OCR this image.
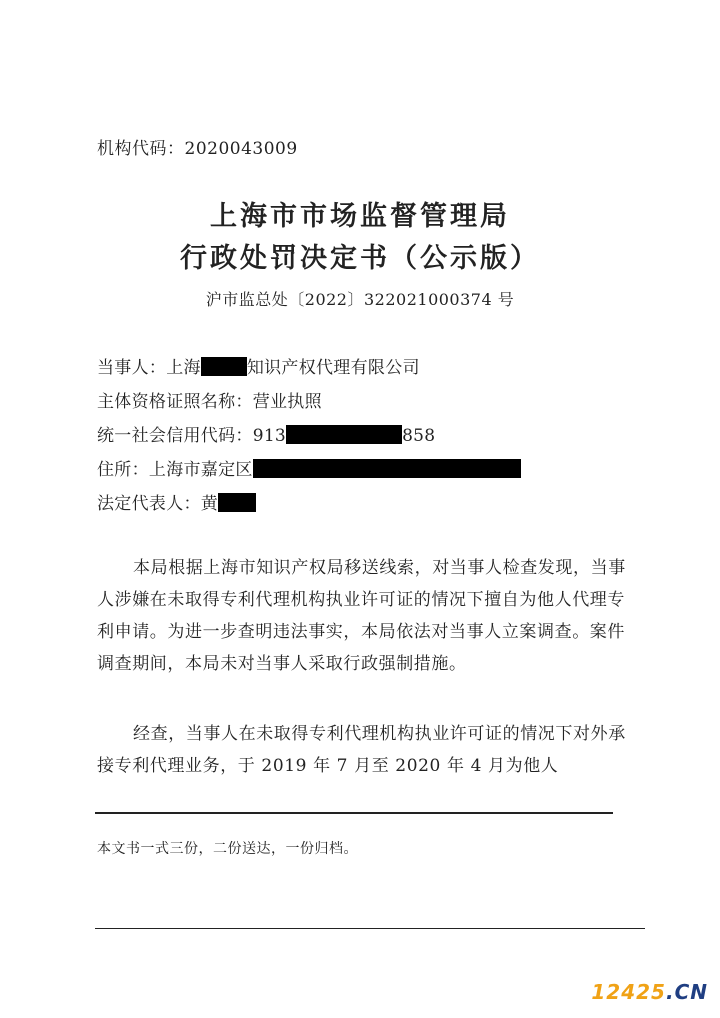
机构代码：2020043009
上海市市场监督管理局
行政处罚决定书（公示版）
沪市监总处〔2022〕322021000374 号
当事人：上海	知识产权代理有限公司
主体资格证照名称：营业执照
统一社会信用代码：913	858
住所：上海市嘉定区
法定代表人：黄
本局根据上海市知识产权局移送线索，对当事人检查发现，当事人涉嫌在未取得专利代理机构执业许可证的情况下擅自为他人代理专利申请。为进一步查明违法事实，本局依法对当事人立案调查。案件调查期间，本局未对当事人采取行政强制措施。
经查，当事人在未取得专利代理机构执业许可证的情况下对外承接专利代理业务，于 2019 年 7 月至 2020 年 4 月为他人
本文书一式三份，二份送达，一份归档。
12425.CN
